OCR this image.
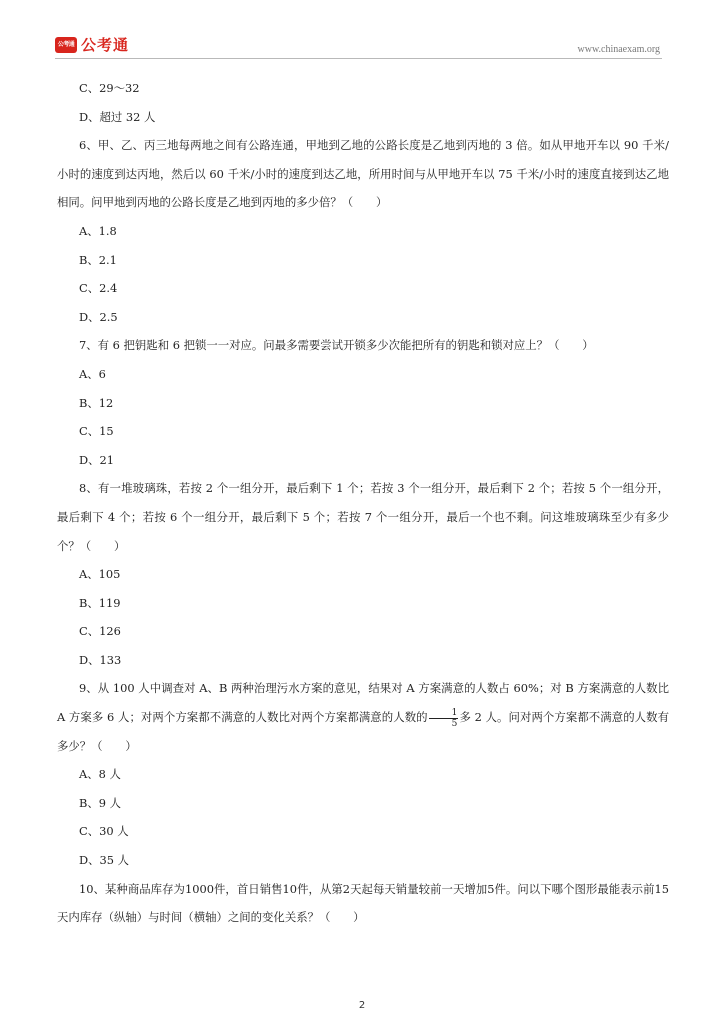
公考通 公考通	www.chinaexam.org

C、29～32

D、超过 32 人

6、甲、乙、丙三地每两地之间有公路连通，甲地到乙地的公路长度是乙地到丙地的 3 倍。如从甲地开车以 90 千米/小时的速度到达丙地，然后以 60 千米/小时的速度到达乙地，所用时间与从甲地开车以 75 千米/小时的速度直接到达乙地相同。问甲地到丙地的公路长度是乙地到丙地的多少倍？（　　）

A、1.8

B、2.1

C、2.4

D、2.5

7、有 6 把钥匙和 6 把锁一一对应。问最多需要尝试开锁多少次能把所有的钥匙和锁对应上？（　　）

A、6

B、12

C、15

D、21

8、有一堆玻璃珠，若按 2 个一组分开，最后剩下 1 个；若按 3 个一组分开，最后剩下 2 个；若按 5 个一组分开，最后剩下 4 个；若按 6 个一组分开，最后剩下 5 个；若按 7 个一组分开，最后一个也不剩。问这堆玻璃珠至少有多少个？（　　）

A、105

B、119

C、126

D、133

9、从 100 人中调查对 A、B 两种治理污水方案的意见，结果对 A 方案满意的人数占 60%；对 B 方案满意的人数比 A 方案多 6 人；对两个方案都不满意的人数比对两个方案都满意的人数的 $\frac{1}{5}$ 多 2 人。问对两个方案都不满意的人数有多少？（　　）

A、8 人

B、9 人

C、30 人

D、35 人

10、某种商品库存为1000件，首日销售10件，从第2天起每天销量较前一天增加5件。问以下哪个图形最能表示前15天内库存（纵轴）与时间（横轴）之间的变化关系？（　　）

2
